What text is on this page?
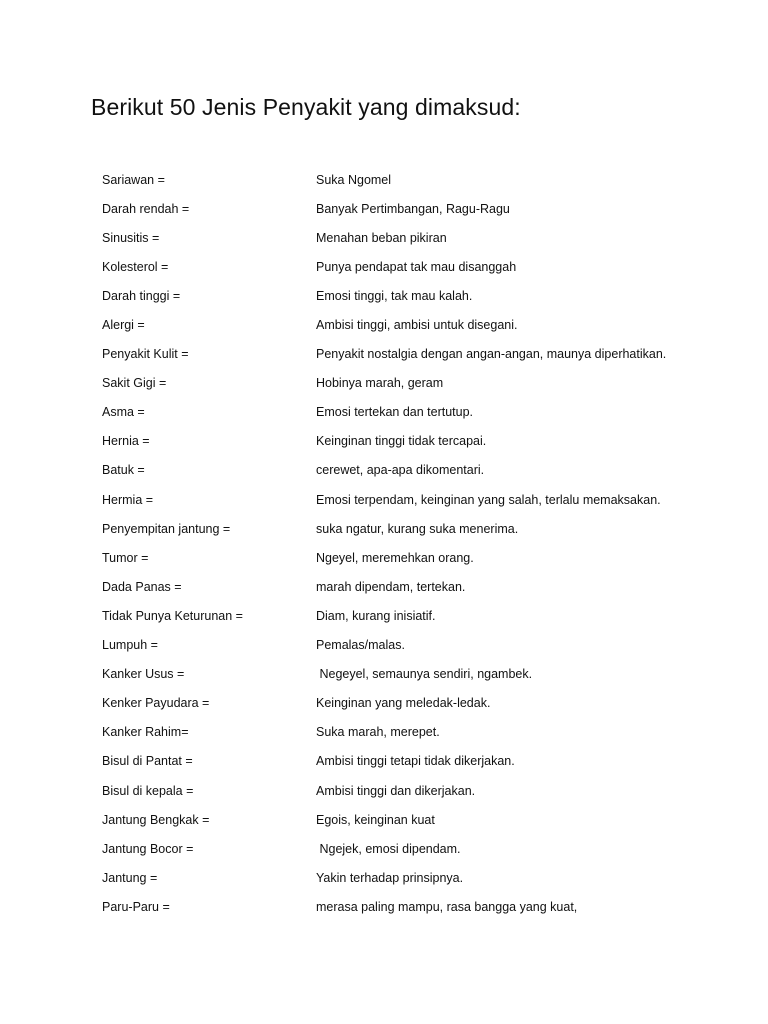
Berikut 50 Jenis Penyakit yang dimaksud:
Sariawan =	Suka Ngomel
Darah rendah =	Banyak Pertimbangan, Ragu-Ragu
Sinusitis =	Menahan beban pikiran
Kolesterol =	Punya pendapat tak mau disanggah
Darah tinggi =	Emosi tinggi, tak mau kalah.
Alergi =	Ambisi tinggi, ambisi untuk disegani.
Penyakit Kulit =	Penyakit nostalgia dengan angan-angan, maunya diperhatikan.
Sakit Gigi =	Hobinya marah, geram
Asma =	Emosi tertekan dan tertutup.
Hernia =	Keinginan tinggi tidak tercapai.
Batuk =	cerewet, apa-apa dikomentari.
Hermia =	Emosi terpendam, keinginan yang salah, terlalu memaksakan.
Penyempitan jantung =	suka ngatur, kurang suka menerima.
Tumor =	Ngeyel, meremehkan orang.
Dada Panas =	marah dipendam, tertekan.
Tidak Punya Keturunan =	Diam, kurang inisiatif.
Lumpuh =	Pemalas/malas.
Kanker Usus =	Negeyel, semaunya sendiri, ngambek.
Kenker Payudara =	Keinginan yang meledak-ledak.
Kanker Rahim=	Suka marah, merepet.
Bisul di Pantat =	Ambisi tinggi tetapi tidak dikerjakan.
Bisul di kepala =	Ambisi tinggi dan dikerjakan.
Jantung Bengkak =	Egois, keinginan kuat
Jantung Bocor =	Ngejek, emosi dipendam.
Jantung =	Yakin terhadap prinsipnya.
Paru-Paru =	merasa paling mampu, rasa bangga yang kuat,
